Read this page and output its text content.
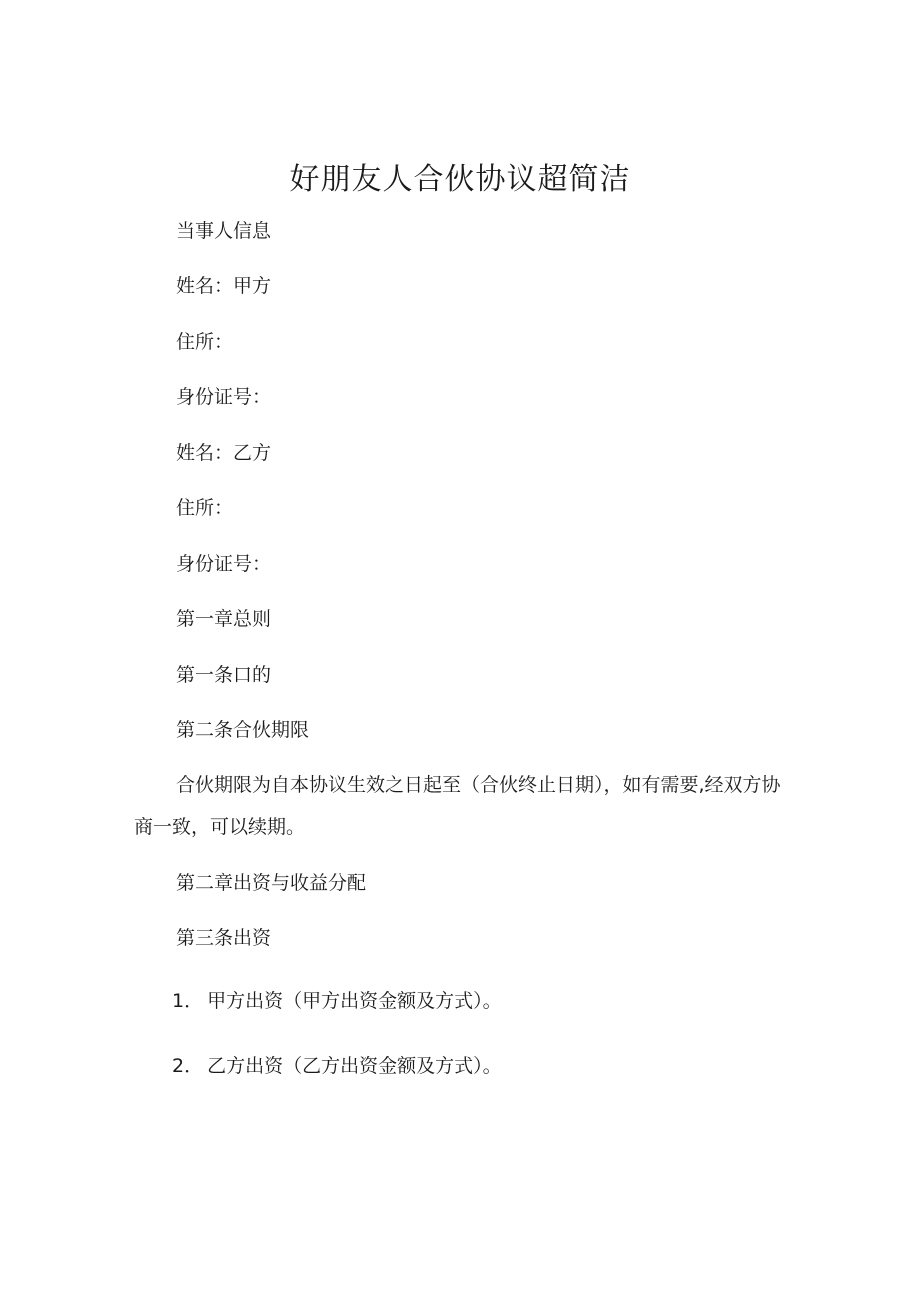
好朋友人合伙协议超简洁
当事人信息
姓名：甲方
住所：
身份证号：
姓名：乙方
住所：
身份证号：
第一章总则
第一条口的
第二条合伙期限

合伙期限为自本协议生效之日起至（合伙终止日期），如有需要,经双方协商一致，可以续期。

第二章出资与收益分配
第三条出资
1． 甲方出资（甲方出资金额及方式）。
2． 乙方出资（乙方出资金额及方式）。
